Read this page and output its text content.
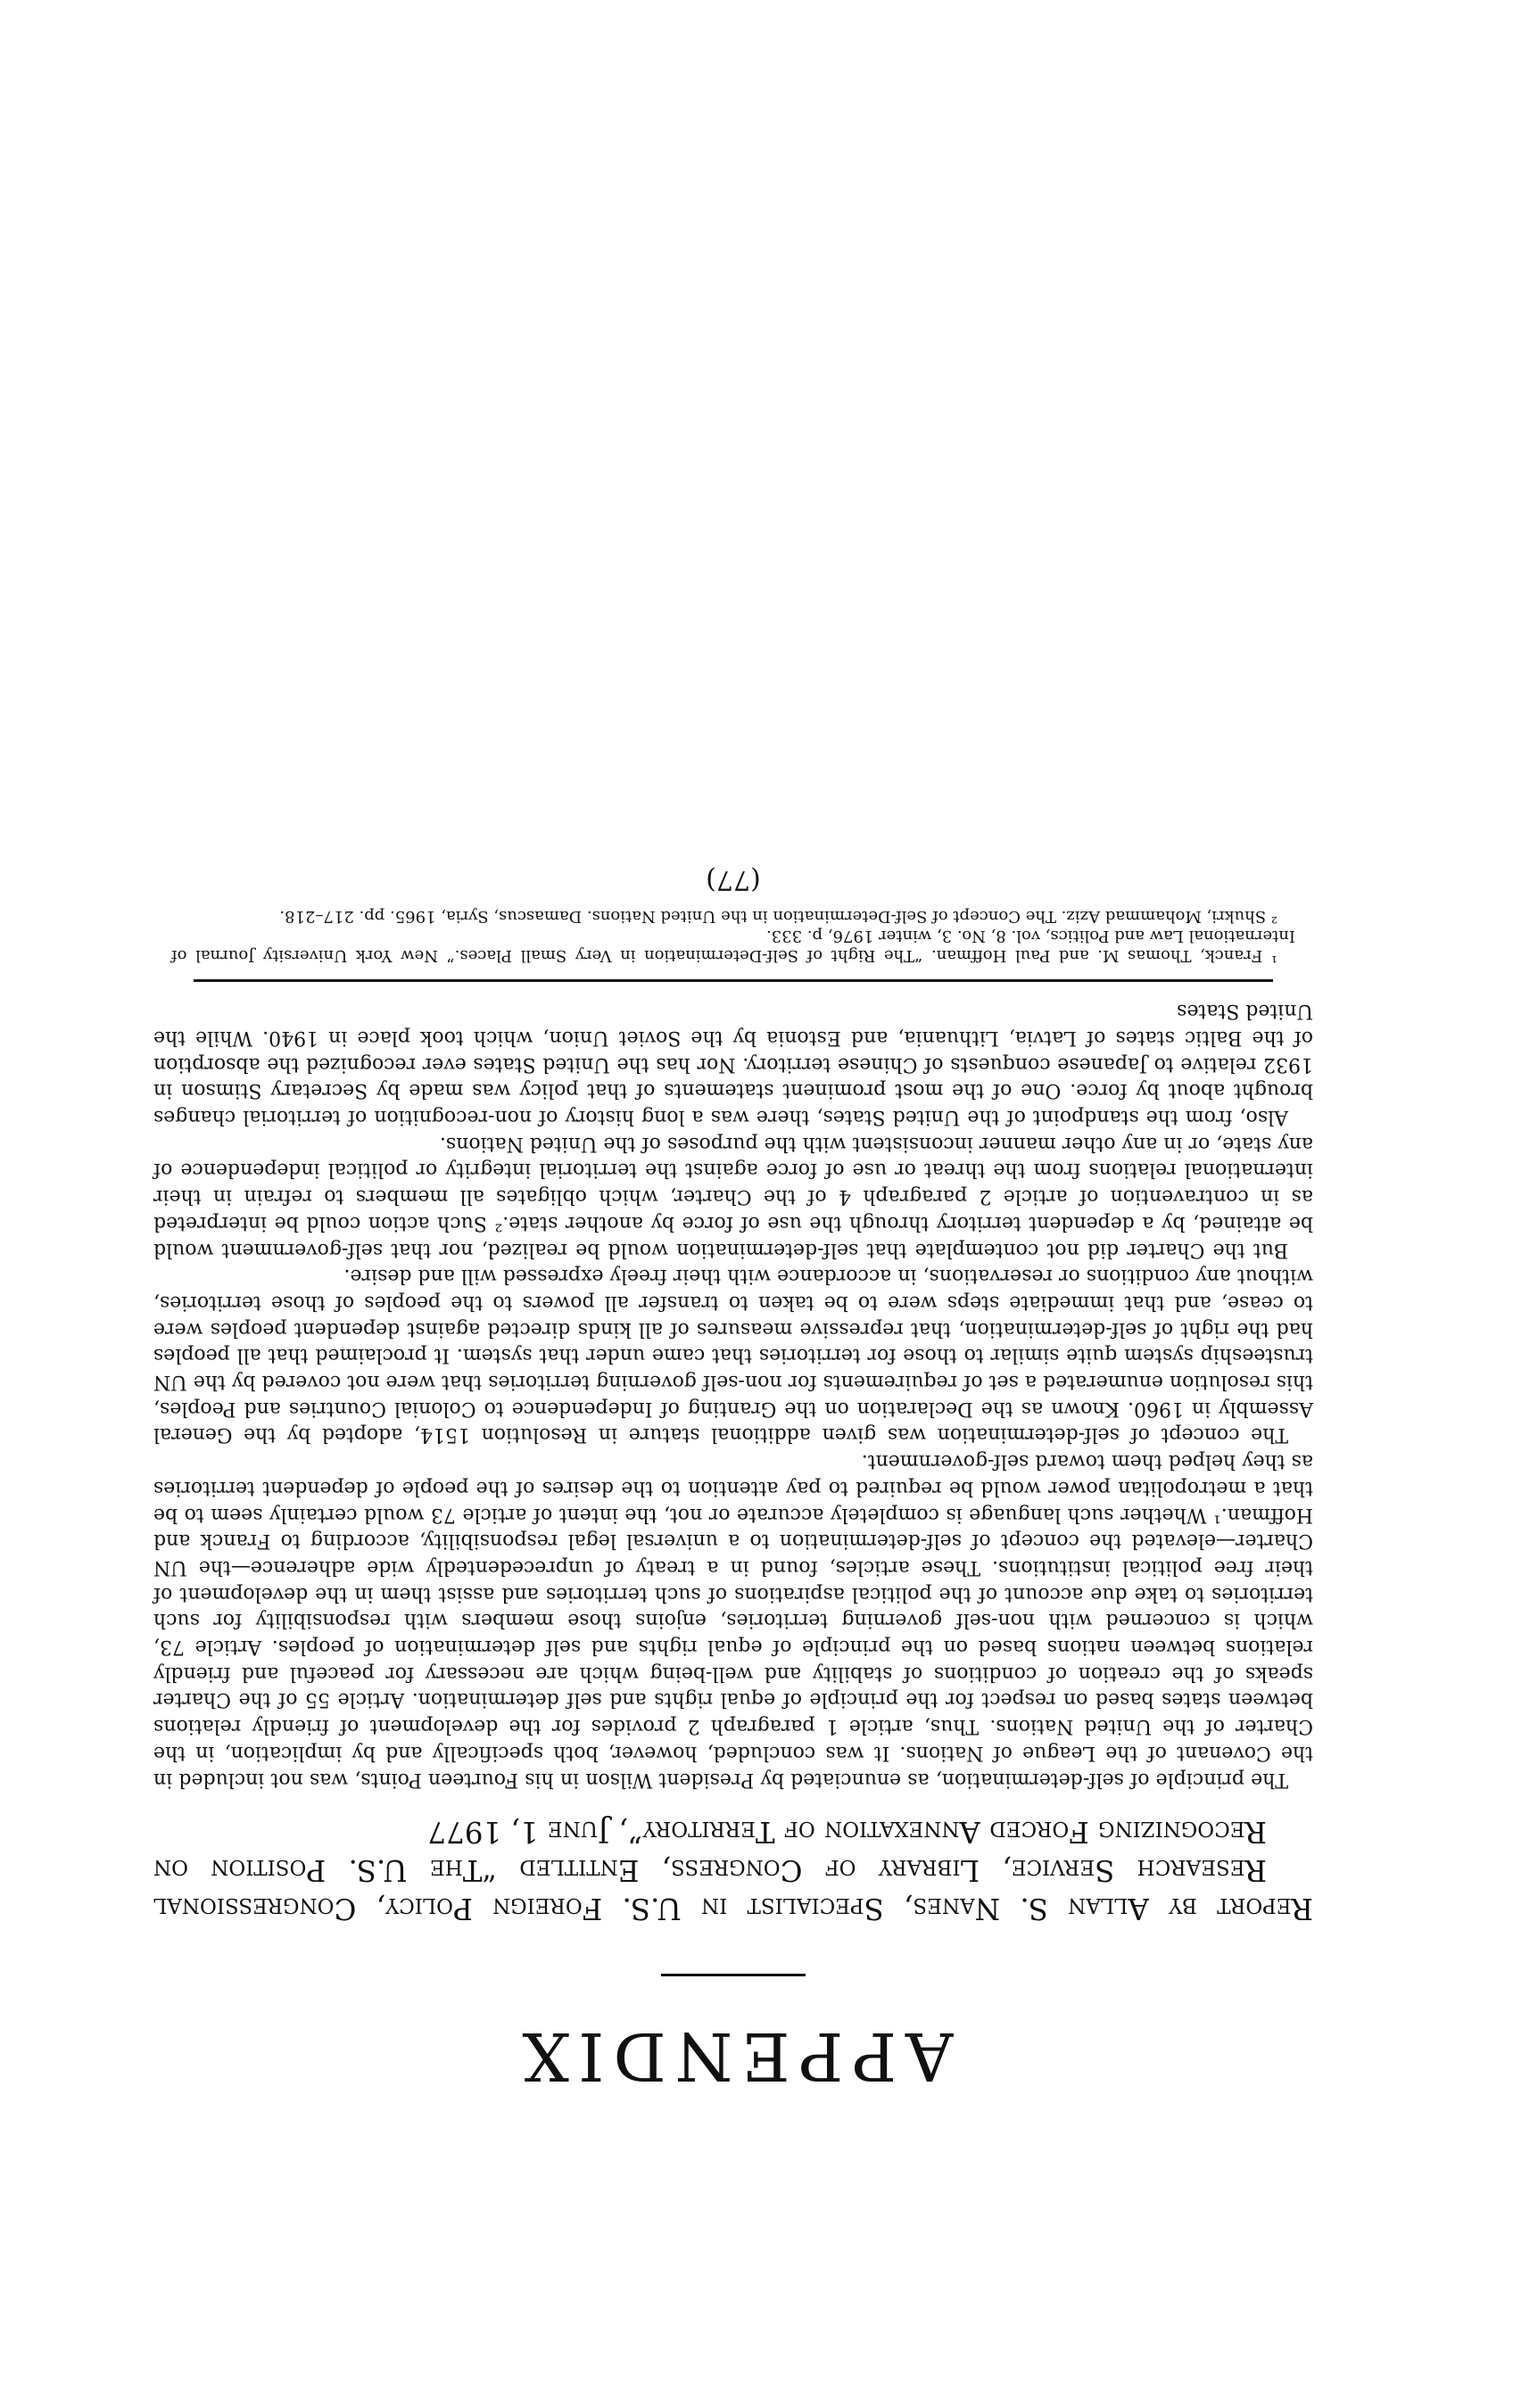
APPENDIX

Report by Allan S. Nanes, Specialist in U.S. Foreign Policy, Congressional Research Service, Library of Congress, Entitled “The U.S. Position on Recognizing Forced Annexation of Territory”, June 1, 1977

The principle of self-determination, as enunciated by President Wilson in his Fourteen Points, was not included in the Covenant of the League of Nations. It was concluded, however, both specifically and by implication, in the Charter of the United Nations. Thus, article 1 paragraph 2 provides for the development of friendly relations between states based on respect for the principle of equal rights and self determination. Article 55 of the Charter speaks of the creation of conditions of stability and well-being which are necessary for peaceful and friendly relations between nations based on the principle of equal rights and self determination of peoples. Article 73, which is concerned with non-self governing territories, enjoins those members with responsibility for such territories to take due account of the political aspirations of such territories and assist them in the development of their free political institutions. These articles, found in a treaty of unprecedentedly wide adherence—the UN Charter—elevated the concept of self-determination to a universal legal responsibility, according to Franck and Hoffman.¹ Whether such language is completely accurate or not, the intent of article 73 would certainly seem to be that a metropolitan power would be required to pay attention to the desires of the people of dependent territories as they helped them toward self-government.

The concept of self-determination was given additional stature in Resolution 1514, adopted by the General Assembly in 1960. Known as the Declaration on the Granting of Independence to Colonial Countries and Peoples, this resolution enumerated a set of requirements for non-self governing territories that were not covered by the UN trusteeship system quite similar to those for territories that came under that system. It proclaimed that all peoples had the right of self-determination, that repressive measures of all kinds directed against dependent peoples were to cease, and that immediate steps were to be taken to transfer all powers to the peoples of those territories, without any conditions or reservations, in accordance with their freely expressed will and desire.

But the Charter did not contemplate that self-determination would be realized, nor that self-government would be attained, by a dependent territory through the use of force by another state.² Such action could be interpreted as in contravention of article 2 paragraph 4 of the Charter, which obligates all members to refrain in their international relations from the threat or use of force against the territorial integrity or political independence of any state, or in any other manner inconsistent with the purposes of the United Nations.

Also, from the standpoint of the United States, there was a long history of non-recognition of territorial changes brought about by force. One of the most prominent statements of that policy was made by Secretary Stimson in 1932 relative to Japanese conquests of Chinese territory. Nor has the United States ever recognized the absorption of the Baltic states of Latvia, Lithuania, and Estonia by the Soviet Union, which took place in 1940. While the United States

¹ Franck, Thomas M. and Paul Hoffman. “The Right of Self-Determination in Very Small Places.” New York University Journal of International Law and Politics, vol. 8, No. 3, winter 1976, p. 333.

² Shukri, Mohammad Aziz. The Concept of Self-Determination in the United Nations. Damascus, Syria, 1965. pp. 217–218.

(77)
